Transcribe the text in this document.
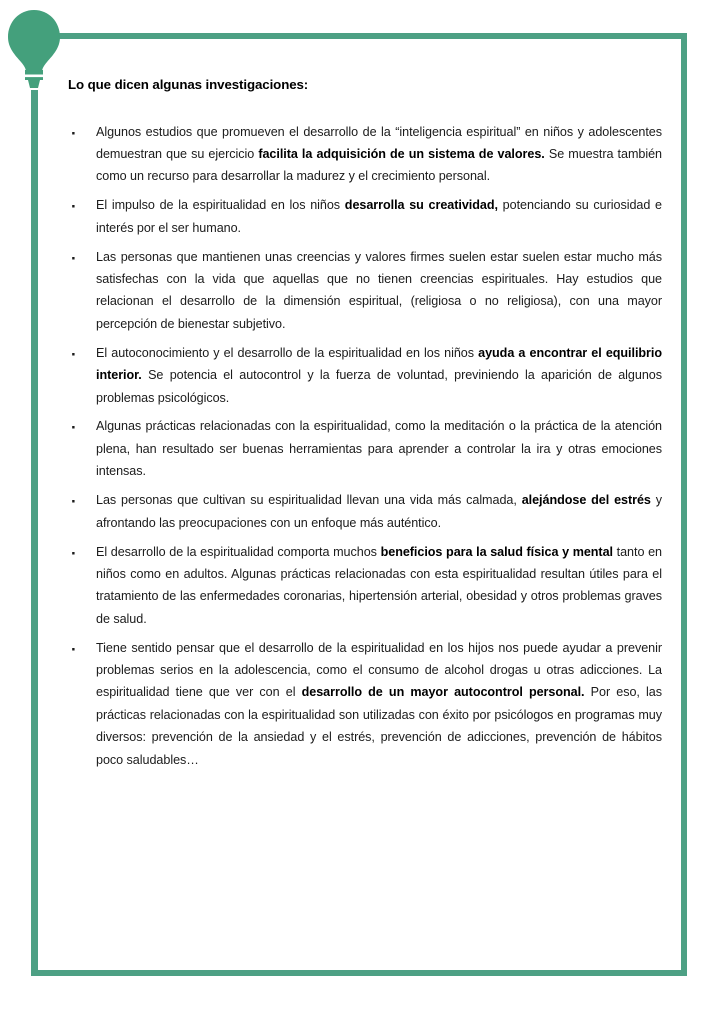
Lo que dicen algunas investigaciones:
· Algunos estudios que promueven el desarrollo de la “inteligencia espiritual” en niños y adolescentes demuestran que su ejercicio facilita la adquisición de un sistema de valores. Se muestra también como un recurso para desarrollar la madurez y el crecimiento personal.
· El impulso de la espiritualidad en los niños desarrolla su creatividad, potenciando su curiosidad e interés por el ser humano.
· Las personas que mantienen unas creencias y valores firmes suelen estar suelen estar mucho más satisfechas con la vida que aquellas que no tienen creencias espirituales. Hay estudios que relacionan el desarrollo de la dimensión espiritual, (religiosa o no religiosa), con una mayor percepción de bienestar subjetivo.
· El autoconocimiento y el desarrollo de la espiritualidad en los niños ayuda a encontrar el equilibrio interior. Se potencia el autocontrol y la fuerza de voluntad, previniendo la aparición de algunos problemas psicológicos.
· Algunas prácticas relacionadas con la espiritualidad, como la meditación o la práctica de la atención plena, han resultado ser buenas herramientas para aprender a controlar la ira y otras emociones intensas.
· Las personas que cultivan su espiritualidad llevan una vida más calmada, alejándose del estrés y afrontando las preocupaciones con un enfoque más auténtico.
· El desarrollo de la espiritualidad comporta muchos beneficios para la salud física y mental tanto en niños como en adultos. Algunas prácticas relacionadas con esta espiritualidad resultan útiles para el tratamiento de las enfermedades coronarias, hipertensión arterial, obesidad y otros problemas graves de salud.
· Tiene sentido pensar que el desarrollo de la espiritualidad en los hijos nos puede ayudar a prevenir problemas serios en la adolescencia, como el consumo de alcohol drogas u otras adicciones. La espiritualidad tiene que ver con el desarrollo de un mayor autocontrol personal. Por eso, las prácticas relacionadas con la espiritualidad son utilizadas con éxito por psicólogos en programas muy diversos: prevención de la ansiedad y el estrés, prevención de adicciones, prevención de hábitos poco saludables…
